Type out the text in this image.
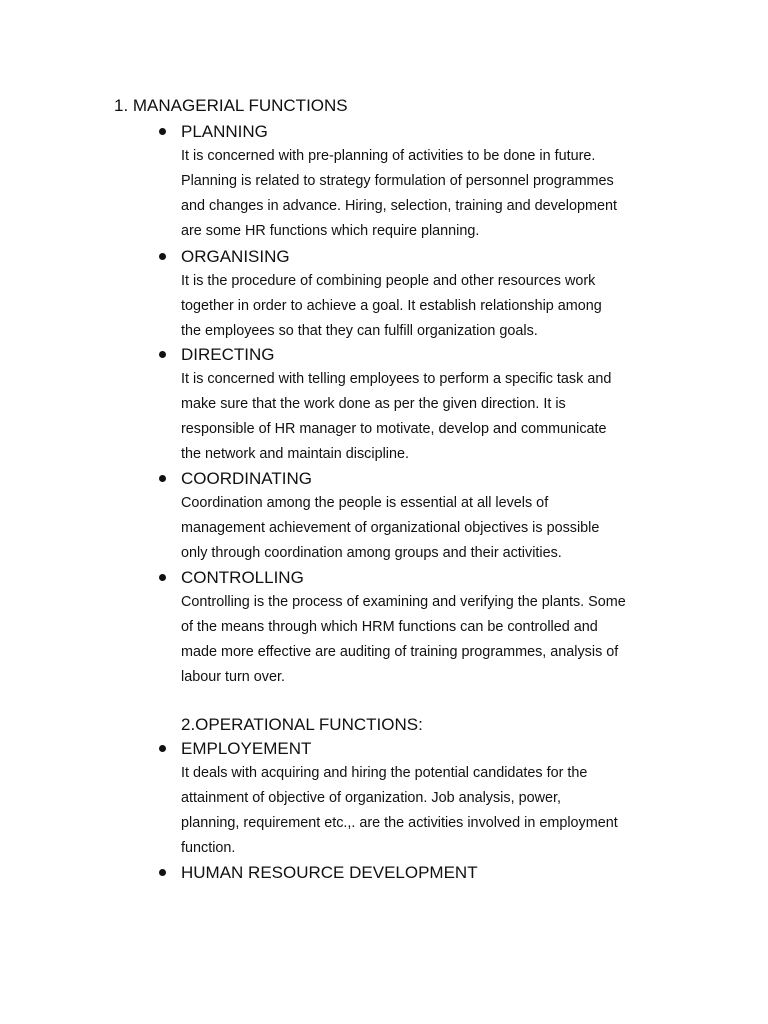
1. MANAGERIAL FUNCTIONS
PLANNING
It is concerned with pre-planning of activities to be done in future.
Planning is related to strategy formulation of personnel programmes
and changes in advance. Hiring, selection, training and development
are some HR functions which require planning.
ORGANISING
It is the procedure of combining people and other resources work
together in order to achieve a goal. It establish relationship among
the employees so that they can fulfill organization goals.
DIRECTING
It is concerned with telling employees to perform a specific task and
make sure that the work done as per the given direction. It is
responsible of HR manager to motivate, develop and communicate
the network and maintain discipline.
COORDINATING
Coordination among the people is essential at all levels of
management achievement of organizational objectives is possible
only through coordination among groups and their activities.
CONTROLLING
Controlling is the process of examining and verifying the plants. Some
of the means through which HRM functions can be controlled and
made more effective are auditing of training programmes, analysis of
labour turn over.
2.OPERATIONAL FUNCTIONS:
EMPLOYEMENT
It deals with acquiring and hiring the potential candidates for the
attainment of objective of organization. Job analysis, power,
planning, requirement etc.,. are the activities involved in employment
function.
HUMAN RESOURCE DEVELOPMENT
